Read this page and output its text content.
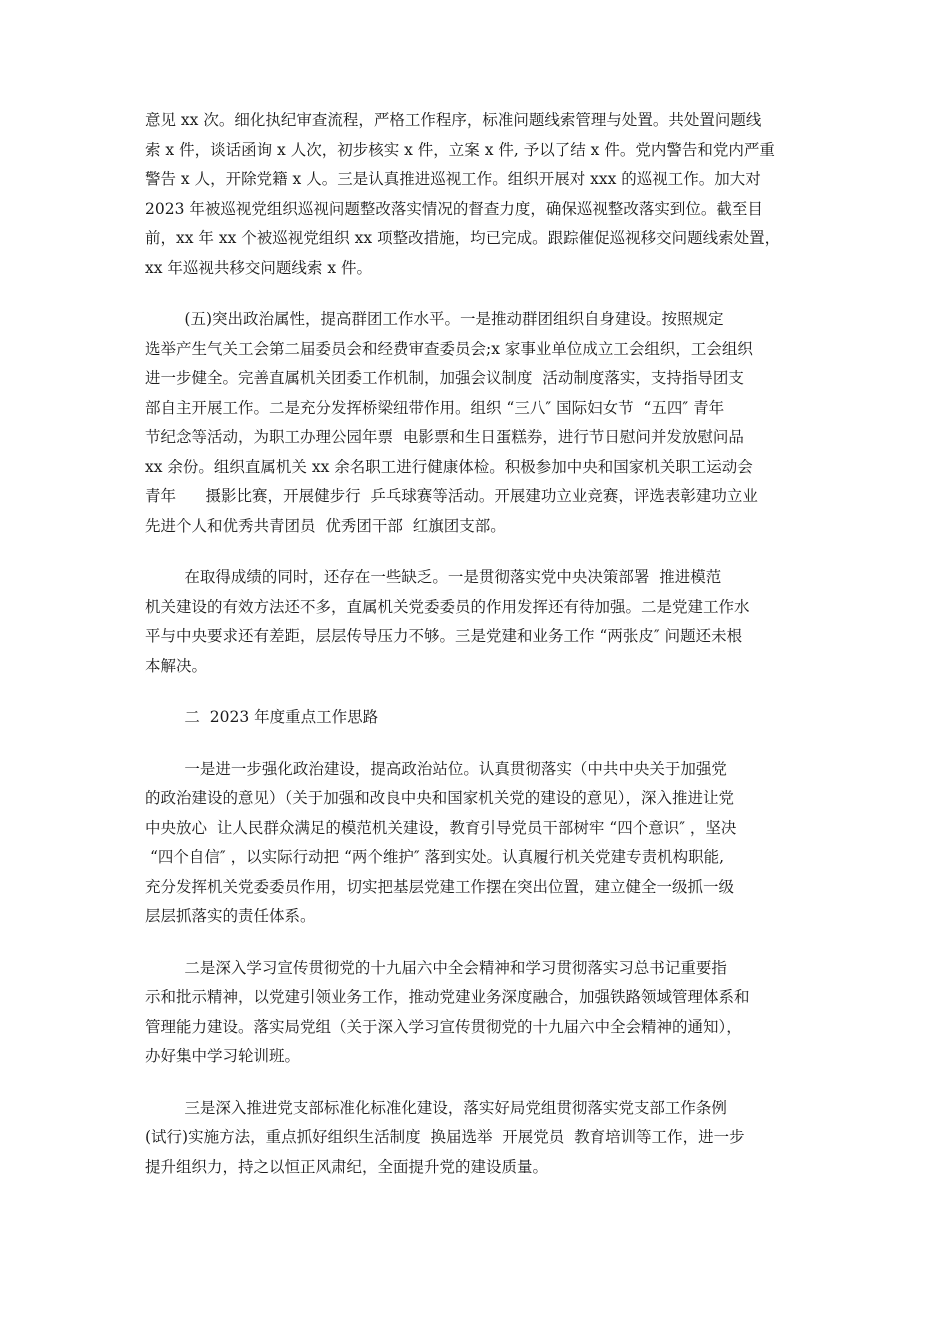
意见 xx 次。细化执纪审查流程，严格工作程序，标准问题线索管理与处置。共处置问题线

索 x 件，谈话函询 x 人次，初步核实 x 件，立案 x 件, 予以了结 x 件。党内警告和党内严重

警告 x 人，开除党籍 x 人。三是认真推进巡视工作。组织开展对 xxx 的巡视工作。加大对

2023 年被巡视党组织巡视问题整改落实情况的督查力度，确保巡视整改落实到位。截至目

前，xx 年 xx 个被巡视党组织 xx 项整改措施，均已完成。跟踪催促巡视移交问题线索处置，

xx 年巡视共移交问题线索 x 件。

(五)突出政治属性，提高群团工作水平。一是推动群团组织自身建设。按照规定

选举产生气关工会第二届委员会和经费审查委员会;x 家事业单位成立工会组织，工会组织

进一步健全。完善直属机关团委工作机制，加强会议制度  活动制度落实，支持指导团支

部自主开展工作。二是充分发挥桥梁纽带作用。组织 “三八″ 国际妇女节  “五四″ 青年

节纪念等活动，为职工办理公园年票  电影票和生日蛋糕券，进行节日慰问并发放慰问品

xx 余份。组织直属机关 xx 余名职工进行健康体检。积极参加中央和国家机关职工运动会

青年      摄影比赛，开展健步行  乒乓球赛等活动。开展建功立业竞赛，评选表彰建功立业

先进个人和优秀共青团员  优秀团干部  红旗团支部。

在取得成绩的同时，还存在一些缺乏。一是贯彻落实党中央决策部署  推进模范

机关建设的有效方法还不多，直属机关党委委员的作用发挥还有待加强。二是党建工作水

平与中央要求还有差距，层层传导压力不够。三是党建和业务工作 “两张皮″ 问题还未根

本解决。

二  2023 年度重点工作思路

一是进一步强化政治建设，提高政治站位。认真贯彻落实（中共中央关于加强党

的政治建设的意见）（关于加强和改良中央和国家机关党的建设的意见），深入推进让党

中央放心  让人民群众满足的模范机关建设，教育引导党员干部树牢 “四个意识″ ，坚决

“四个自信″ ，以实际行动把 “两个维护″ 落到实处。认真履行机关党建专责机构职能,

充分发挥机关党委委员作用，切实把基层党建工作摆在突出位置，建立健全一级抓一级

层层抓落实的责任体系。

二是深入学习宣传贯彻党的十九届六中全会精神和学习贯彻落实习总书记重要指

示和批示精神，以党建引领业务工作，推动党建业务深度融合，加强铁路领域管理体系和

管理能力建设。落实局党组（关于深入学习宣传贯彻党的十九届六中全会精神的通知），

办好集中学习轮训班。

三是深入推进党支部标准化标准化建设，落实好局党组贯彻落实党支部工作条例

(试行)实施方法，重点抓好组织生活制度  换届选举  开展党员  教育培训等工作，进一步

提升组织力，持之以恒正风肃纪，全面提升党的建设质量。
